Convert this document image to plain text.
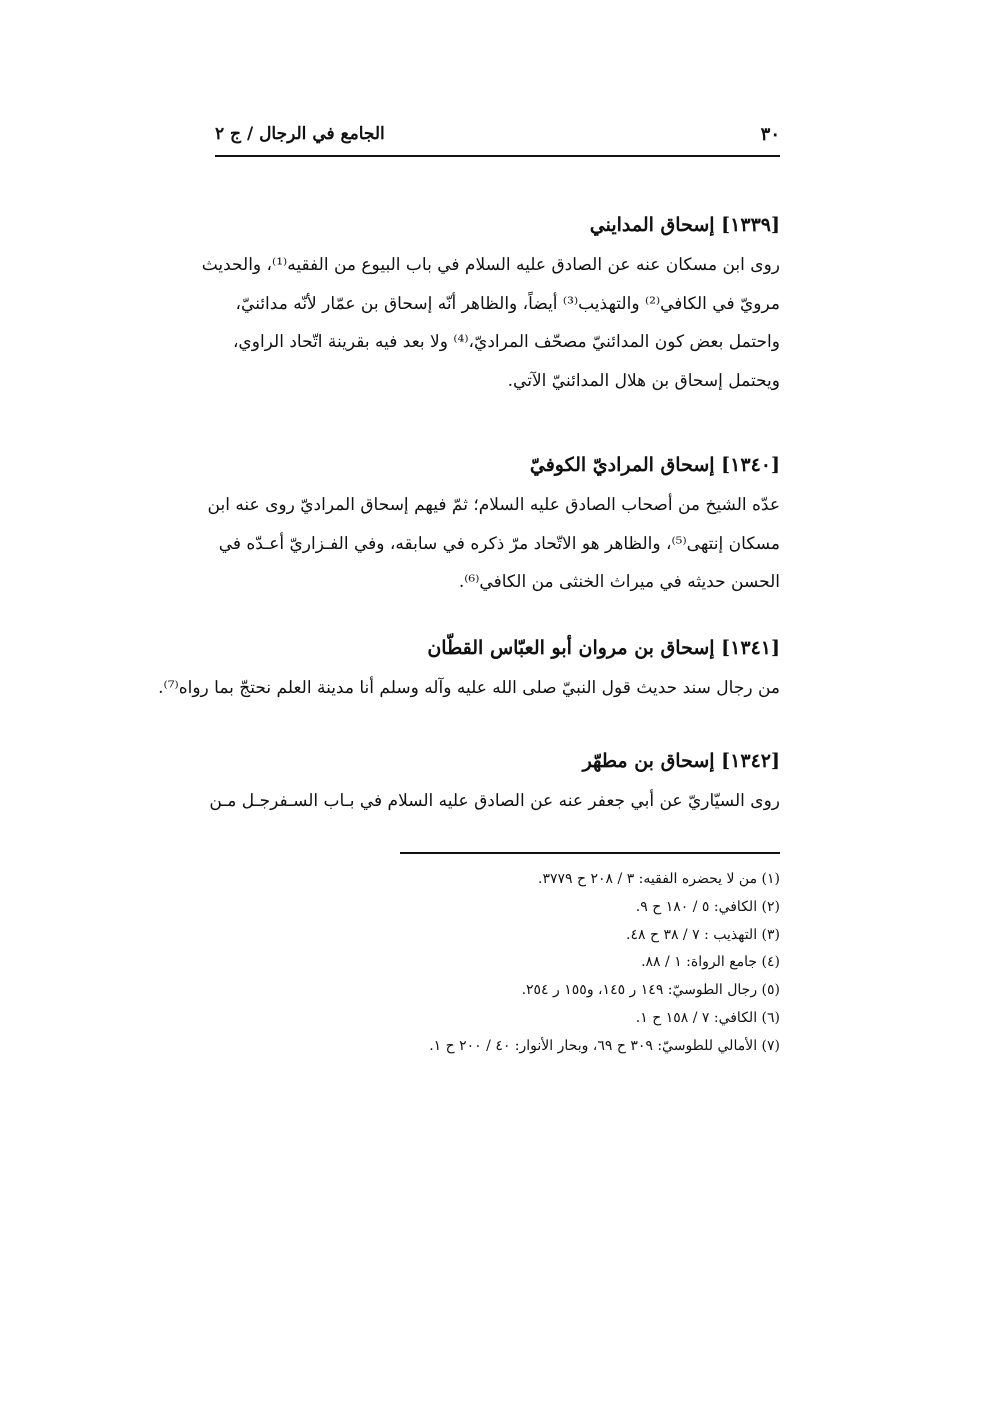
٣٠
الجامع في الرجال / ج ٢
[١٣٣٩] إسحاق المدايني

روى ابن مسكان عنه عن الصادق عليه السلام في باب البيوع من الفقيه⁽¹⁾، والحديث
مرويّ في الكافي⁽²⁾ والتهذيب⁽³⁾ أيضاً، والظاهر أنّه إسحاق بن عمّار لأنّه مدائنيّ،
واحتمل بعض كون المدائنيّ مصحّف المراديّ،⁽⁴⁾ ولا بعد فيه بقرينة اتّحاد الراوي،
ويحتمل إسحاق بن هلال المدائنيّ الآتي.

[١٣٤٠] إسحاق المراديّ الكوفيّ

عدّه الشيخ من أصحاب الصادق عليه السلام؛ ثمّ فيهم إسحاق المراديّ روى عنه ابن
مسكان إنتهى⁽⁵⁾، والظاهر هو الاتّحاد مرّ ذكره في سابقه، وفي الفـزاريّ أعـدّه في
الحسن حديثه في ميراث الخنثى من الكافي⁽⁶⁾.

[١٣٤١] إسحاق بن مروان أبو العبّاس القطّان

من رجال سند حديث قول النبيّ صلى الله عليه وآله وسلم أنا مدينة العلم نحتجّ بما رواه⁽⁷⁾.

[١٣٤٢] إسحاق بن مطهّر

روى السيّاريّ عن أبي جعفر عنه عن الصادق عليه السلام في بـاب السـفرجـل مـن

(١) من لا يحضره الفقيه: ٣ / ٢٠٨ ح ٣٧٧٩.
(٢) الكافي: ٥ / ١٨٠ ح ٩.
(٣) التهذيب : ٧ / ٣٨ ح ٤٨.
(٤) جامع الرواة: ١ / ٨٨.
(٥) رجال الطوسيّ: ١٤٩ ر ١٤٥، و١٥٥ ر ٢٥٤.
(٦) الكافي: ٧ / ١٥٨ ح ١.
(٧) الأمالي للطوسيّ: ٣٠٩ ح ٦٩، وبحار الأنوار: ٤٠ / ٢٠٠ ح ١.
